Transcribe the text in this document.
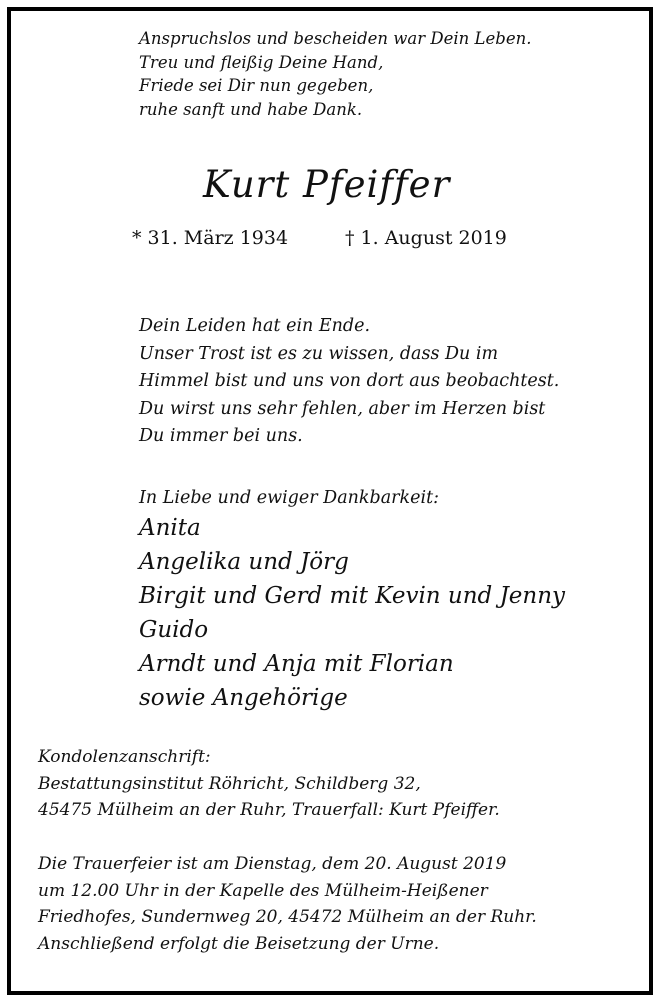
Anspruchslos und bescheiden war Dein Leben.
Treu und fleißig Deine Hand,
Friede sei Dir nun gegeben,
ruhe sanft und habe Dank.
Kurt Pfeiffer
* 31. März 1934	† 1. August 2019
Dein Leiden hat ein Ende.
Unser Trost ist es zu wissen, dass Du im
Himmel bist und uns von dort aus beobachtest.
Du wirst uns sehr fehlen, aber im Herzen bist
Du immer bei uns.
In Liebe und ewiger Dankbarkeit:
Anita
Angelika und Jörg
Birgit und Gerd mit Kevin und Jenny
Guido
Arndt und Anja mit Florian
sowie Angehörige
Kondolenzanschrift:
Bestattungsinstitut Röhricht, Schildberg 32,
45475 Mülheim an der Ruhr, Trauerfall: Kurt Pfeiffer.
Die Trauerfeier ist am Dienstag, dem 20. August 2019
um 12.00 Uhr in der Kapelle des Mülheim-Heißener
Friedhofes, Sundernweg 20, 45472 Mülheim an der Ruhr.
Anschließend erfolgt die Beisetzung der Urne.
